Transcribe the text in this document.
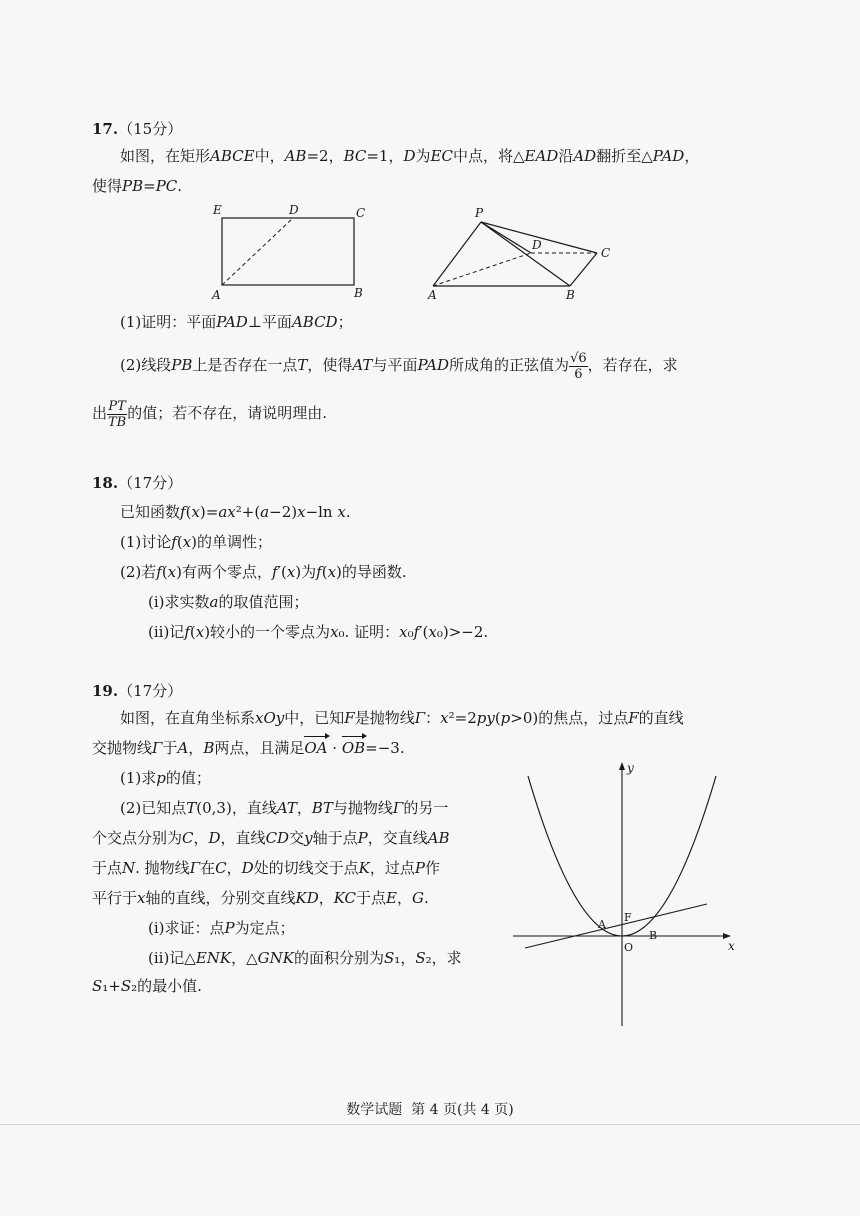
17.（15分）
如图，在矩形ABCE中，AB=2，BC=1，D为EC中点，将△EAD沿AD翻折至△PAD，
使得PB=PC.
E	D	C
A	B
P
D
C
A	B
(1)证明：平面PAD⊥平面ABCD；
(2)线段PB上是否存在一点T，使得AT与平面PAD所成角的正弦值为 $\frac{√6}{6}$ ，若存在，求
出 $\frac{PT}{TB}$ 的值；若不存在，请说明理由.
18.（17分）
已知函数f(x)=ax²+(a−2)x−ln x.
(1)讨论f(x)的单调性；
(2)若f(x)有两个零点，f′(x)为f(x)的导函数.
(i)求实数a的取值范围；
(ii)记f(x)较小的一个零点为x₀. 证明：x₀f′(x₀)>−2.
19.（17分）
如图，在直角坐标系xOy中，已知F是抛物线Γ：x²=2py(p>0)的焦点，过点F的直线
交抛物线Γ于A，B两点，且满足OA · OB=−3.
(1)求p的值；
(2)已知点T(0,3)，直线AT，BT与抛物线Γ的另一
个交点分别为C，D，直线CD交y轴于点P，交直线AB
于点N. 抛物线Γ在C，D处的切线交于点K，过点P作
平行于x轴的直线，分别交直线KD，KC于点E，G.
(i)求证：点P为定点；
(ii)记△ENK，△GNK的面积分别为S₁，S₂，求
S₁+S₂的最小值.
y
x
A
F
B
O
数学试题 第 4 页(共 4 页)
